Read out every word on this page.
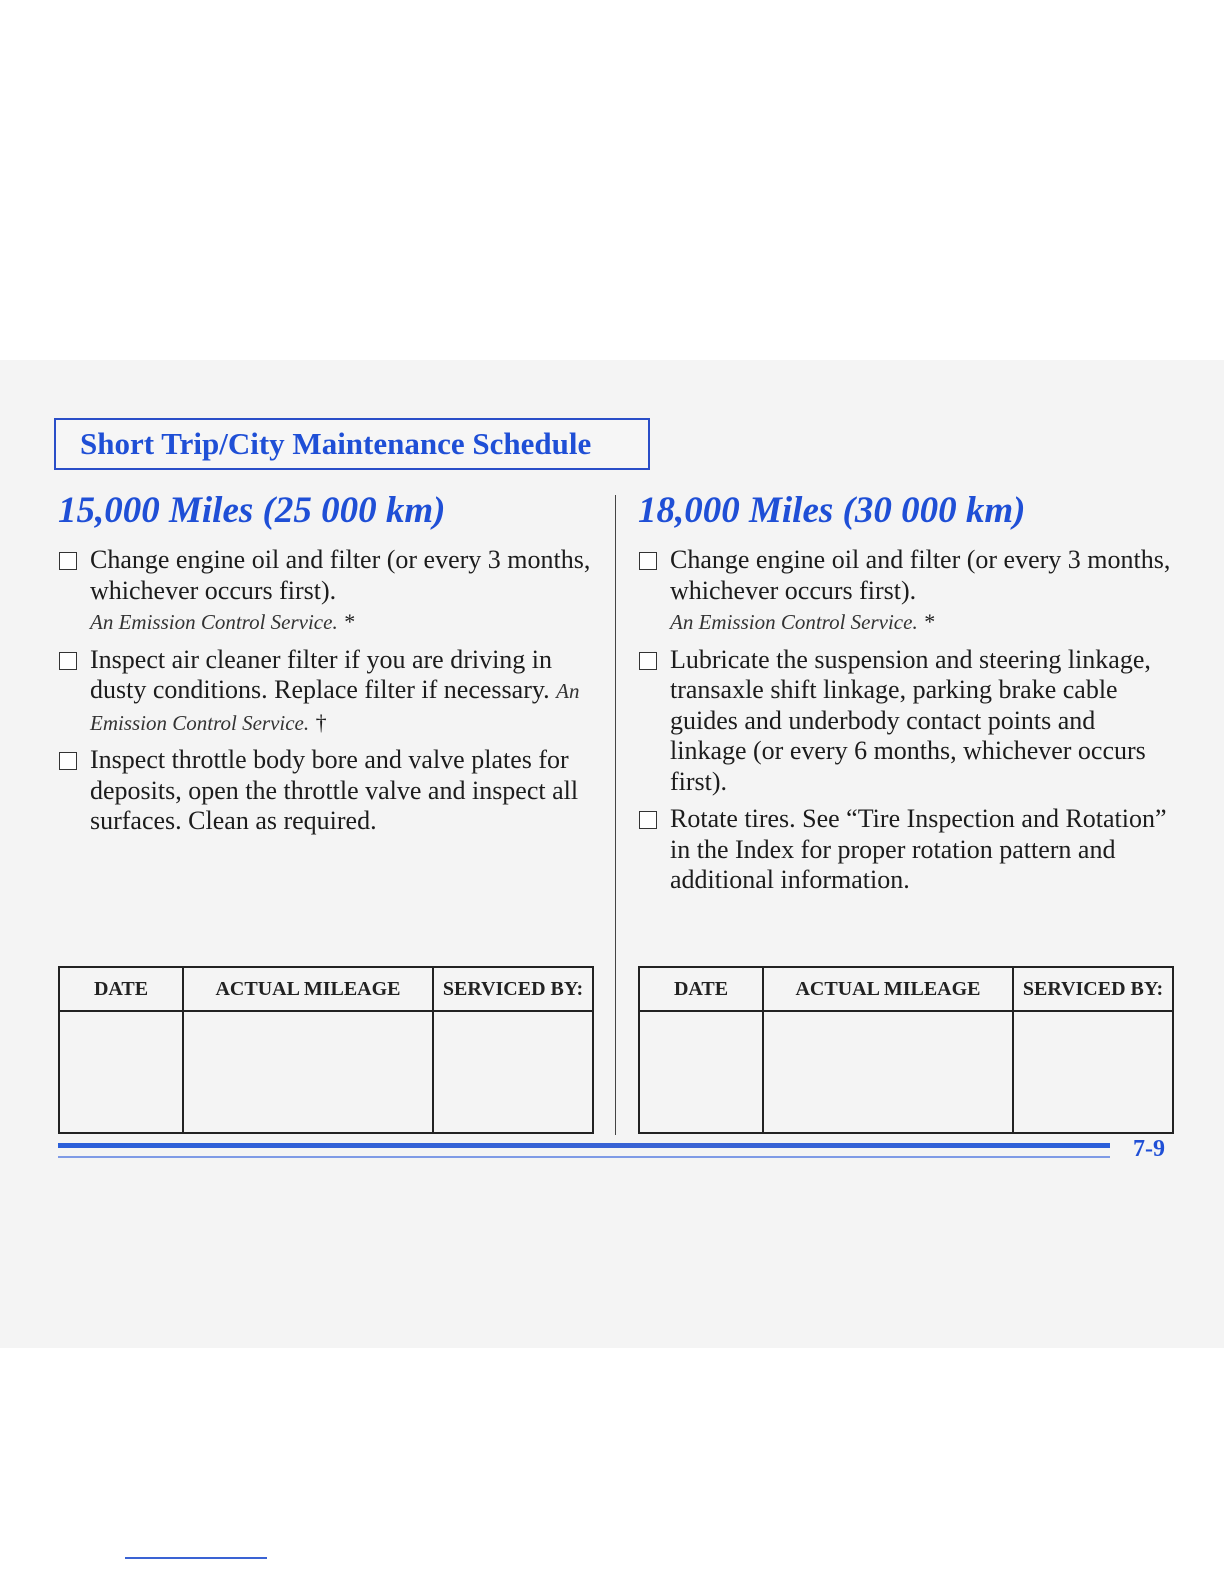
Short Trip/City Maintenance Schedule
15,000 Miles (25 000 km)
Change engine oil and filter (or every 3 months, whichever occurs first).
An Emission Control Service. *
Inspect air cleaner filter if you are driving in dusty conditions. Replace filter if necessary. An Emission Control Service. †
Inspect throttle body bore and valve plates for deposits, open the throttle valve and inspect all surfaces. Clean as required.
18,000 Miles (30 000 km)
Change engine oil and filter (or every 3 months, whichever occurs first).
An Emission Control Service. *
Lubricate the suspension and steering linkage, transaxle shift linkage, parking brake cable guides and underbody contact points and linkage (or every 6 months, whichever occurs first).
Rotate tires. See “Tire Inspection and Rotation” in the Index for proper rotation pattern and additional information.
DATE	ACTUAL MILEAGE	SERVICED BY:
			DATE	ACTUAL MILEAGE	SERVICED BY:

7-9
